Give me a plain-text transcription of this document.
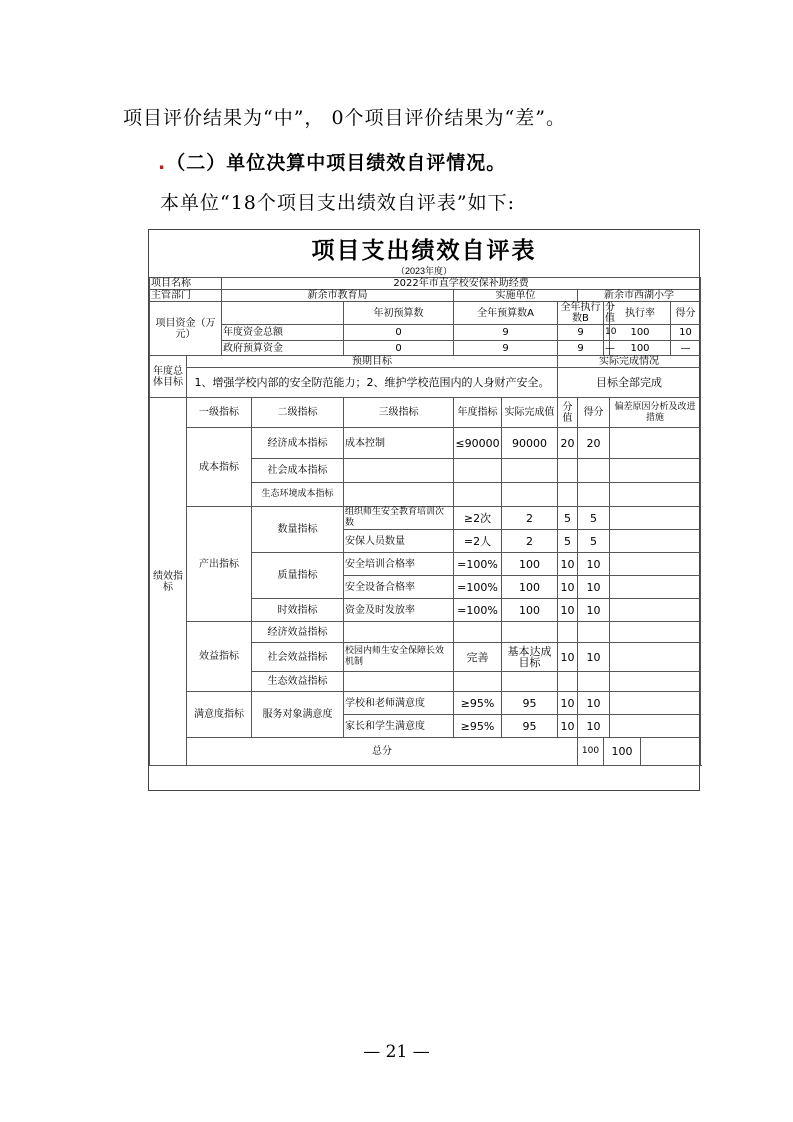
项目评价结果为“中”， 0个项目评价结果为“差”。
.（二）单位决算中项目绩效自评情况。
本单位“18个项目支出绩效自评表”如下:
项目支出绩效自评表
（2023年度）
项目名称		2022年市直学校安保补助经费										
主管部门		新余市教育局			实施单位			新余市西湖小学				
项目资金（万元）				年初预算数	全年预算数A		全年执行数B		分值	执行率		得分
		年度资金总额		0	9		9		10	100		10
		政府预算资金		0	9		9		—	100		—
年度总体目标	预期目标						实际完成情况					
	1、增强学校内部的安全防范能力；2、维护学校范围内的人身财产安全。						目标全部完成					
绩效指标	一级指标		二级指标	三级指标	年度指标	实际完成值	分值	得分		偏差原因分析及改进措施		
	成本指标		经济成本指标	成本控制	≤90000	90000	20	20				
			社会成本指标									
			生态环境成本指标									
	产出指标		数量指标	组织师生安全教育培训次数	≥2次	2	5	5				
				安保人员数量	=2人	2	5	5				
			质量指标	安全培训合格率	=100%	100	10	10				
				安全设备合格率	=100%	100	10	10				
			时效指标	资金及时发放率	=100%	100	10	10				
	效益指标		经济效益指标									
			社会效益指标	校园内师生安全保障长效机制	完善	基本达成目标	10	10				
			生态效益指标									
	满意度指标		服务对象满意度	学校和老师满意度	≥95%	95	10	10				
				家长和学生满意度	≥95%	95	10	10				
	总分							100	100			
— 21 —
